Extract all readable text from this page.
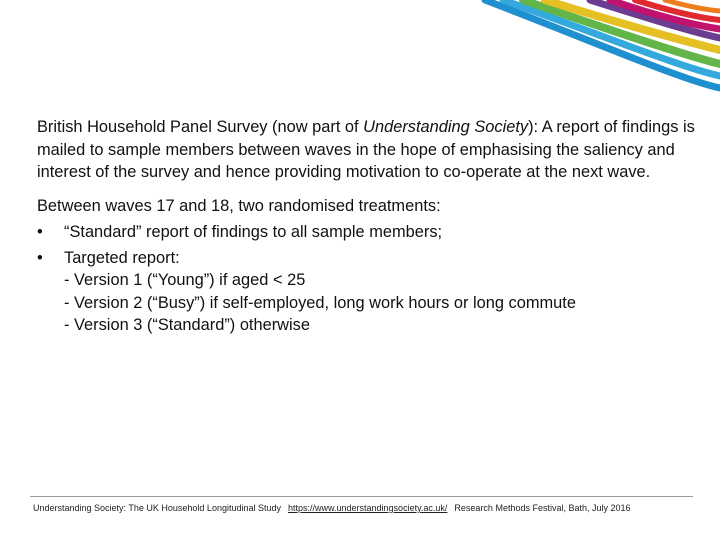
British Household Panel Survey (now part of Understanding Society): A report of findings is mailed to sample members between waves in the hope of emphasising the saliency and interest of the survey and hence providing motivation to co-operate at the next wave.

Between waves 17 and 18, two randomised treatments:

•	“Standard” report of findings to all sample members;
•	Targeted report:
- Version 1 (“Young”) if aged < 25
- Version 2 (“Busy”) if self-employed, long work hours or long commute
- Version 3 (“Standard”) otherwise
Understanding Society: The UK Household Longitudinal Study https://www.understandingsociety.ac.uk/ Research Methods Festival, Bath, July 2016
